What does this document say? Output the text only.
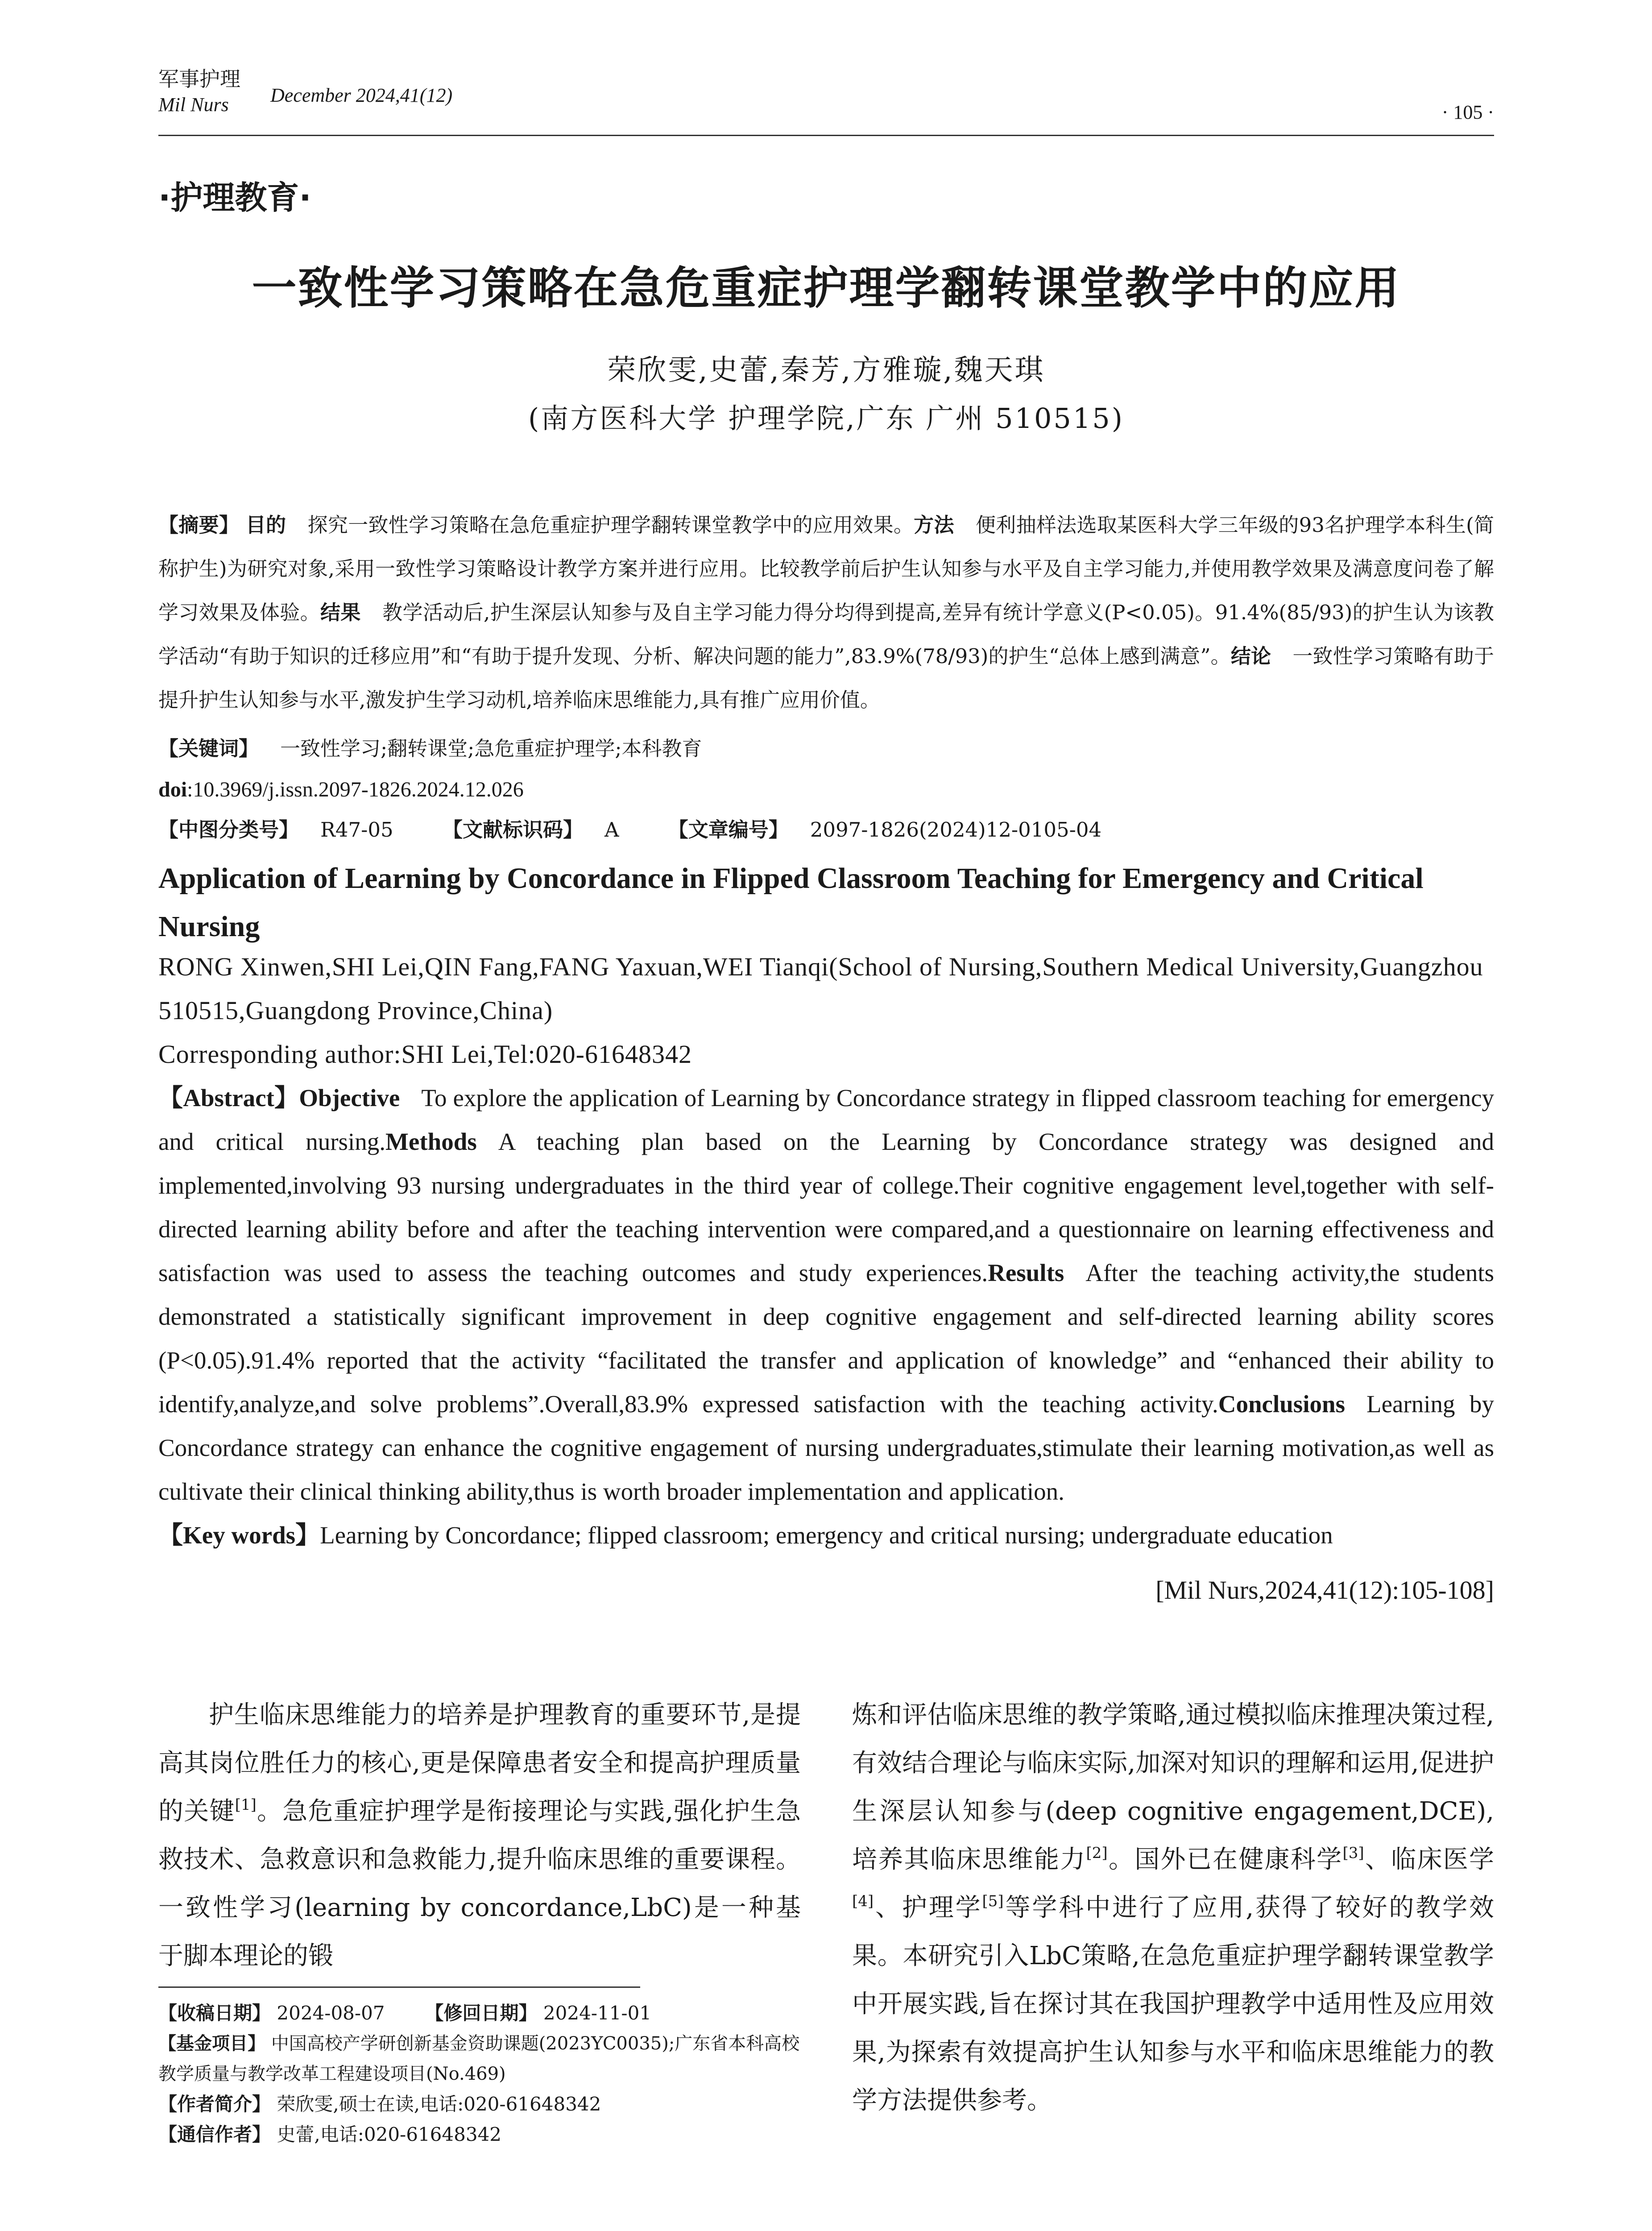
军事护理
Mil Nurs	December 2024,41(12)
· 105 ·
·护理教育·
一致性学习策略在急危重症护理学翻转课堂教学中的应用
荣欣雯,史蕾,秦芳,方雅璇,魏天琪
(南方医科大学 护理学院,广东 广州 510515)
【摘要】 目的 探究一致性学习策略在急危重症护理学翻转课堂教学中的应用效果。方法 便利抽样法选取某医科大学三年级的93名护理学本科生(简称护生)为研究对象,采用一致性学习策略设计教学方案并进行应用。比较教学前后护生认知参与水平及自主学习能力,并使用教学效果及满意度问卷了解学习效果及体验。结果 教学活动后,护生深层认知参与及自主学习能力得分均得到提高,差异有统计学意义(P<0.05)。91.4%(85/93)的护生认为该教学活动“有助于知识的迁移应用”和“有助于提升发现、分析、解决问题的能力”,83.9%(78/93)的护生“总体上感到满意”。结论 一致性学习策略有助于提升护生认知参与水平,激发护生学习动机,培养临床思维能力,具有推广应用价值。
【关键词】 一致性学习;翻转课堂;急危重症护理学;本科教育
doi:10.3969/j.issn.2097-1826.2024.12.026
【中图分类号】 R47-05 【文献标识码】 A 【文章编号】 2097-1826(2024)12-0105-04
Application of Learning by Concordance in Flipped Classroom Teaching for Emergency and Critical Nursing
RONG Xinwen,SHI Lei,QIN Fang,FANG Yaxuan,WEI Tianqi(School of Nursing,Southern Medical University,Guangzhou 510515,Guangdong Province,China)
Corresponding author:SHI Lei,Tel:020-61648342
【Abstract】Objective To explore the application of Learning by Concordance strategy in flipped classroom teaching for emergency and critical nursing.Methods A teaching plan based on the Learning by Concordance strategy was designed and implemented,involving 93 nursing undergraduates in the third year of college.Their cognitive engagement level,together with self-directed learning ability before and after the teaching intervention were compared,and a questionnaire on learning effectiveness and satisfaction was used to assess the teaching outcomes and study experiences.Results After the teaching activity,the students demonstrated a statistically significant improvement in deep cognitive engagement and self-directed learning ability scores (P<0.05).91.4% reported that the activity “facilitated the transfer and application of knowledge” and “enhanced their ability to identify,analyze,and solve problems”.Overall,83.9% expressed satisfaction with the teaching activity.Conclusions Learning by Concordance strategy can enhance the cognitive engagement of nursing undergraduates,stimulate their learning motivation,as well as cultivate their clinical thinking ability,thus is worth broader implementation and application.
【Key words】Learning by Concordance; flipped classroom; emergency and critical nursing; undergraduate education
[Mil Nurs,2024,41(12):105-108]
护生临床思维能力的培养是护理教育的重要环节,是提高其岗位胜任力的核心,更是保障患者安全和提高护理质量的关键[1]。急危重症护理学是衔接理论与实践,强化护生急救技术、急救意识和急救能力,提升临床思维的重要课程。一致性学习(learning by concordance,LbC)是一种基于脚本理论的锻
炼和评估临床思维的教学策略,通过模拟临床推理决策过程,有效结合理论与临床实际,加深对知识的理解和运用,促进护生深层认知参与(deep cognitive engagement,DCE),培养其临床思维能力[2]。国外已在健康科学[3]、临床医学[4]、护理学[5]等学科中进行了应用,获得了较好的教学效果。本研究引入LbC策略,在急危重症护理学翻转课堂教学中开展实践,旨在探讨其在我国护理教学中适用性及应用效果,为探索有效提高护生认知参与水平和临床思维能力的教学方法提供参考。
【收稿日期】 2024-08-07 【修回日期】 2024-11-01
【基金项目】 中国高校产学研创新基金资助课题(2023YC0035);广东省本科高校教学质量与教学改革工程建设项目(No.469)
【作者简介】 荣欣雯,硕士在读,电话:020-61648342
【通信作者】 史蕾,电话:020-61648342
